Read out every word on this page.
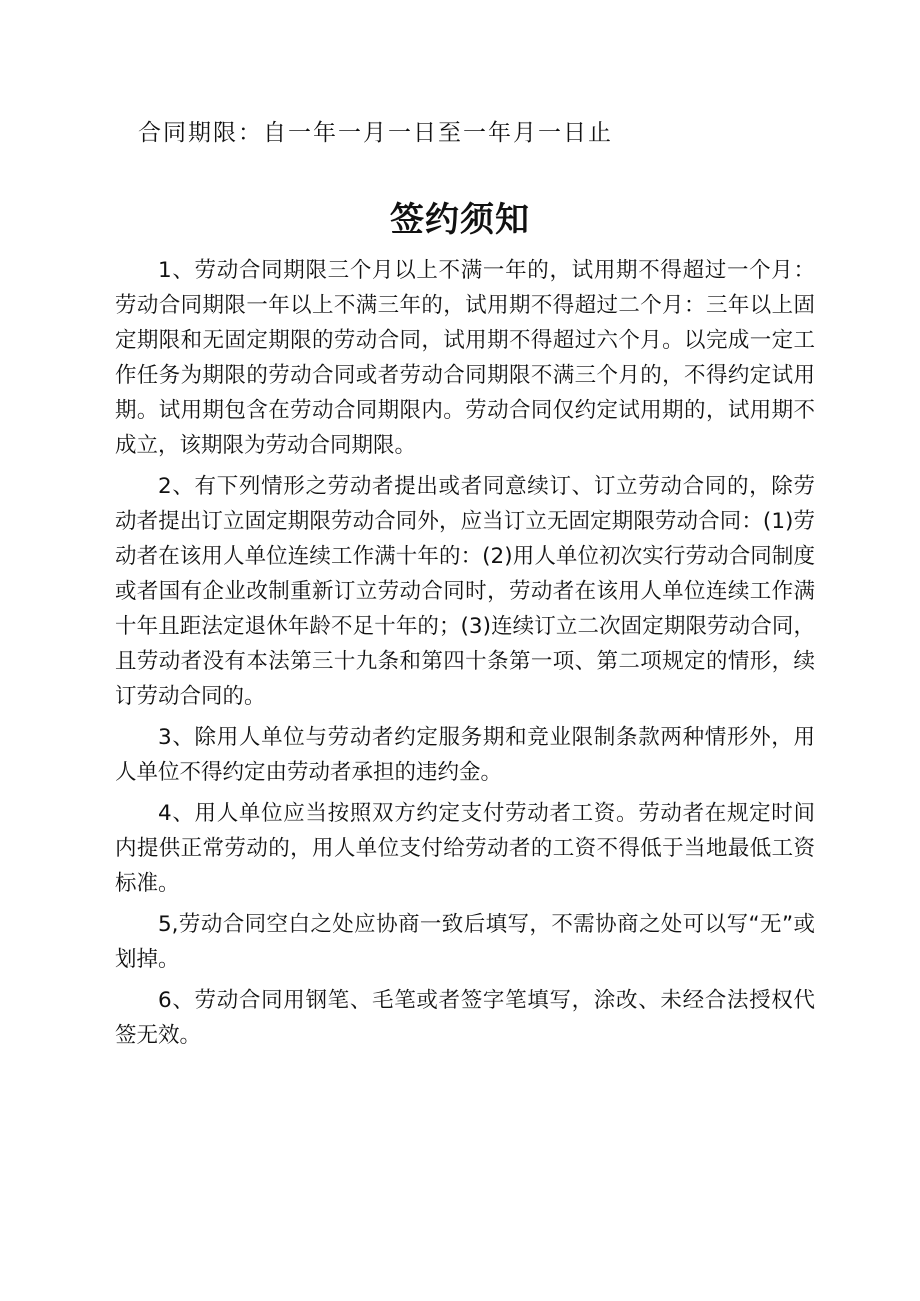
合同期限：自一年一月一日至一年月一日止
签约须知

1、劳动合同期限三个月以上不满一年的，试用期不得超过一个月：劳动合同期限一年以上不满三年的，试用期不得超过二个月：三年以上固定期限和无固定期限的劳动合同，试用期不得超过六个月。以完成一定工作任务为期限的劳动合同或者劳动合同期限不满三个月的，不得约定试用期。试用期包含在劳动合同期限内。劳动合同仅约定试用期的，试用期不成立，该期限为劳动合同期限。

2、有下列情形之劳动者提出或者同意续订、订立劳动合同的，除劳动者提出订立固定期限劳动合同外，应当订立无固定期限劳动合同：(1)劳动者在该用人单位连续工作满十年的：(2)用人单位初次实行劳动合同制度或者国有企业改制重新订立劳动合同时，劳动者在该用人单位连续工作满十年且距法定退休年龄不足十年的；(3)连续订立二次固定期限劳动合同，且劳动者没有本法第三十九条和第四十条第一项、第二项规定的情形，续订劳动合同的。

3、除用人单位与劳动者约定服务期和竞业限制条款两种情形外，用人单位不得约定由劳动者承担的违约金。

4、用人单位应当按照双方约定支付劳动者工资。劳动者在规定时间内提供正常劳动的，用人单位支付给劳动者的工资不得低于当地最低工资标准。

5,劳动合同空白之处应协商一致后填写，不需协商之处可以写“无”或划掉。

6、劳动合同用钢笔、毛笔或者签字笔填写，涂改、未经合法授权代签无效。
